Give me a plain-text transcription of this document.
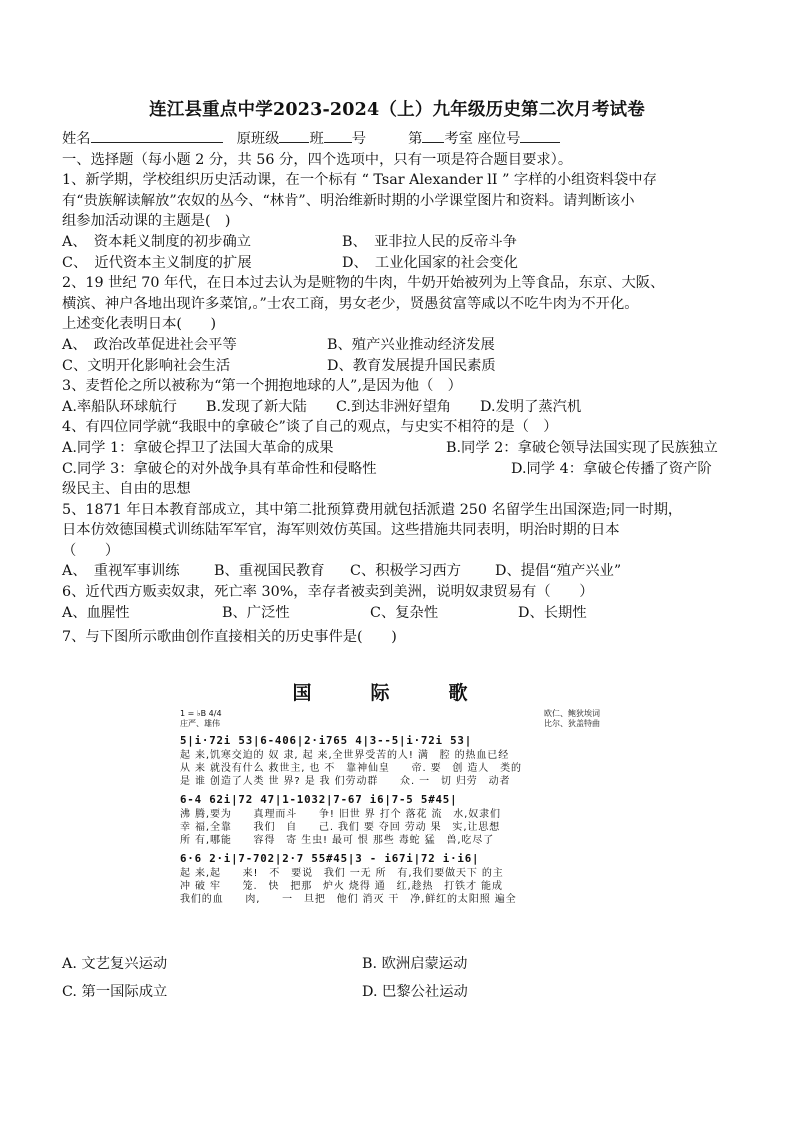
连江县重点中学2023-2024（上）九年级历史第二次月考试卷
姓名	原班级 班 号	第 考室 座位号
一、选择题（每小题 2 分，共 56 分，四个选项中，只有一项是符合题目要求）。
1、新学期，学校组织历史活动课，在一个标有 “ Tsar Alexander lI ” 字样的小组资料袋中存
有“贵族解读解放”农奴的丛今、“林肯”、明治维新时期的小学课堂图片和资料。请判断该小
组参加活动课的主题是(　)
A、　资本耗义制度的初步确立	B、　亚非拉人民的反帝斗争
C、　近代资本主义制度的扩展	D、　工业化国家的社会变化
2、19 世纪 70 年代，在日本过去认为是赃物的牛肉，牛奶开始被列为上等食品，东京、大阪、
横滨、神户各地出现许多菜馆,。”士农工商，男女老少，贤愚贫富等咸以不吃牛肉为不开化。
上述变化表明日本(　　)
A、　政治改革促进社会平等	B、殖产兴业推动经济发展
C、文明开化影响社会生活	D、教育发展提升国民素质
3、麦哲伦之所以被称为“第一个拥抱地球的人”,是因为他（　）
A.率船队环球航行	B.发现了新大陆	C.到达非洲好望角	D.发明了蒸汽机
4、有四位同学就“我眼中的拿破仑”谈了自己的观点，与史实不相符的是（　）
A.同学 1：拿破仑捍卫了法国大革命的成果	B.同学 2：拿破仑领导法国实现了民族独立
C.同学 3：拿破仑的对外战争具有革命性和侵略性	D.同学 4：拿破仑传播了资产阶
级民主、自由的思想
5、1871 年日本教育部成立，其中第二批预算费用就包括派遣 250 名留学生出国深造;同一时期，
日本仿效德国模式训练陆军军官，海军则效仿英国。这些措施共同表明，明治时期的日本
（　　）
A、　重视军事训练	B、重视国民教育	C、积极学习西方	D、提倡“殖产兴业”
6、近代西方贩卖奴隶，死亡率 30%，幸存者被卖到美洲，说明奴隶贸易有（　　）
A、血腥性	B、广泛性	C、复杂性	D、长期性
7、与下图所示歌曲创作直接相关的历史事件是(　　)
国　际　歌
1 = ♭B 4/4
庄严、雄伟
欧仁、鲍狄埃词
比尔、狄盖特曲
5|i·72i 53|6-406|2·i765 4|3--5|i·72i 53|
起 来,饥寒交迫的 奴 隶, 起 来,全世界受苦的人! 满　腔 的热血已经
从 来 就没有什么 救世主, 也 不　靠神仙皇　　帝. 要　创 造人　类的
是 谁 创造了人类 世 界? 是 我 们劳动群　　众. 一　切 归劳　动者
6-4 62i|72 47|1-1032|7-67 i6|7-5 5#45|
沸 腾,要为　　真理而斗　　争! 旧世 界 打个 落花 流　水,奴隶们
幸 福,全靠　　我们　自　　己. 我们 要 夺回 劳动 果　实,让思想
所 有,哪能　　容得　寄 生虫! 最可 恨 那些 毒蛇 猛　兽,吃尽了
6·6 2·i|7-702|2·7 55#45|3 - i67i|72 i·i6|
起 来,起　　来!　不　要说　我们 一无 所　有,我们要做天下 的主
冲 破 牢　　笼.　快　把那　炉火 烧得 通　红,趁热　打铁才 能成
我们的血　　肉,　　一　旦把　他们 消灭 干　净,鲜红的太阳照 遍全
A. 文艺复兴运动	B. 欧洲启蒙运动
C. 第一国际成立	D. 巴黎公社运动
